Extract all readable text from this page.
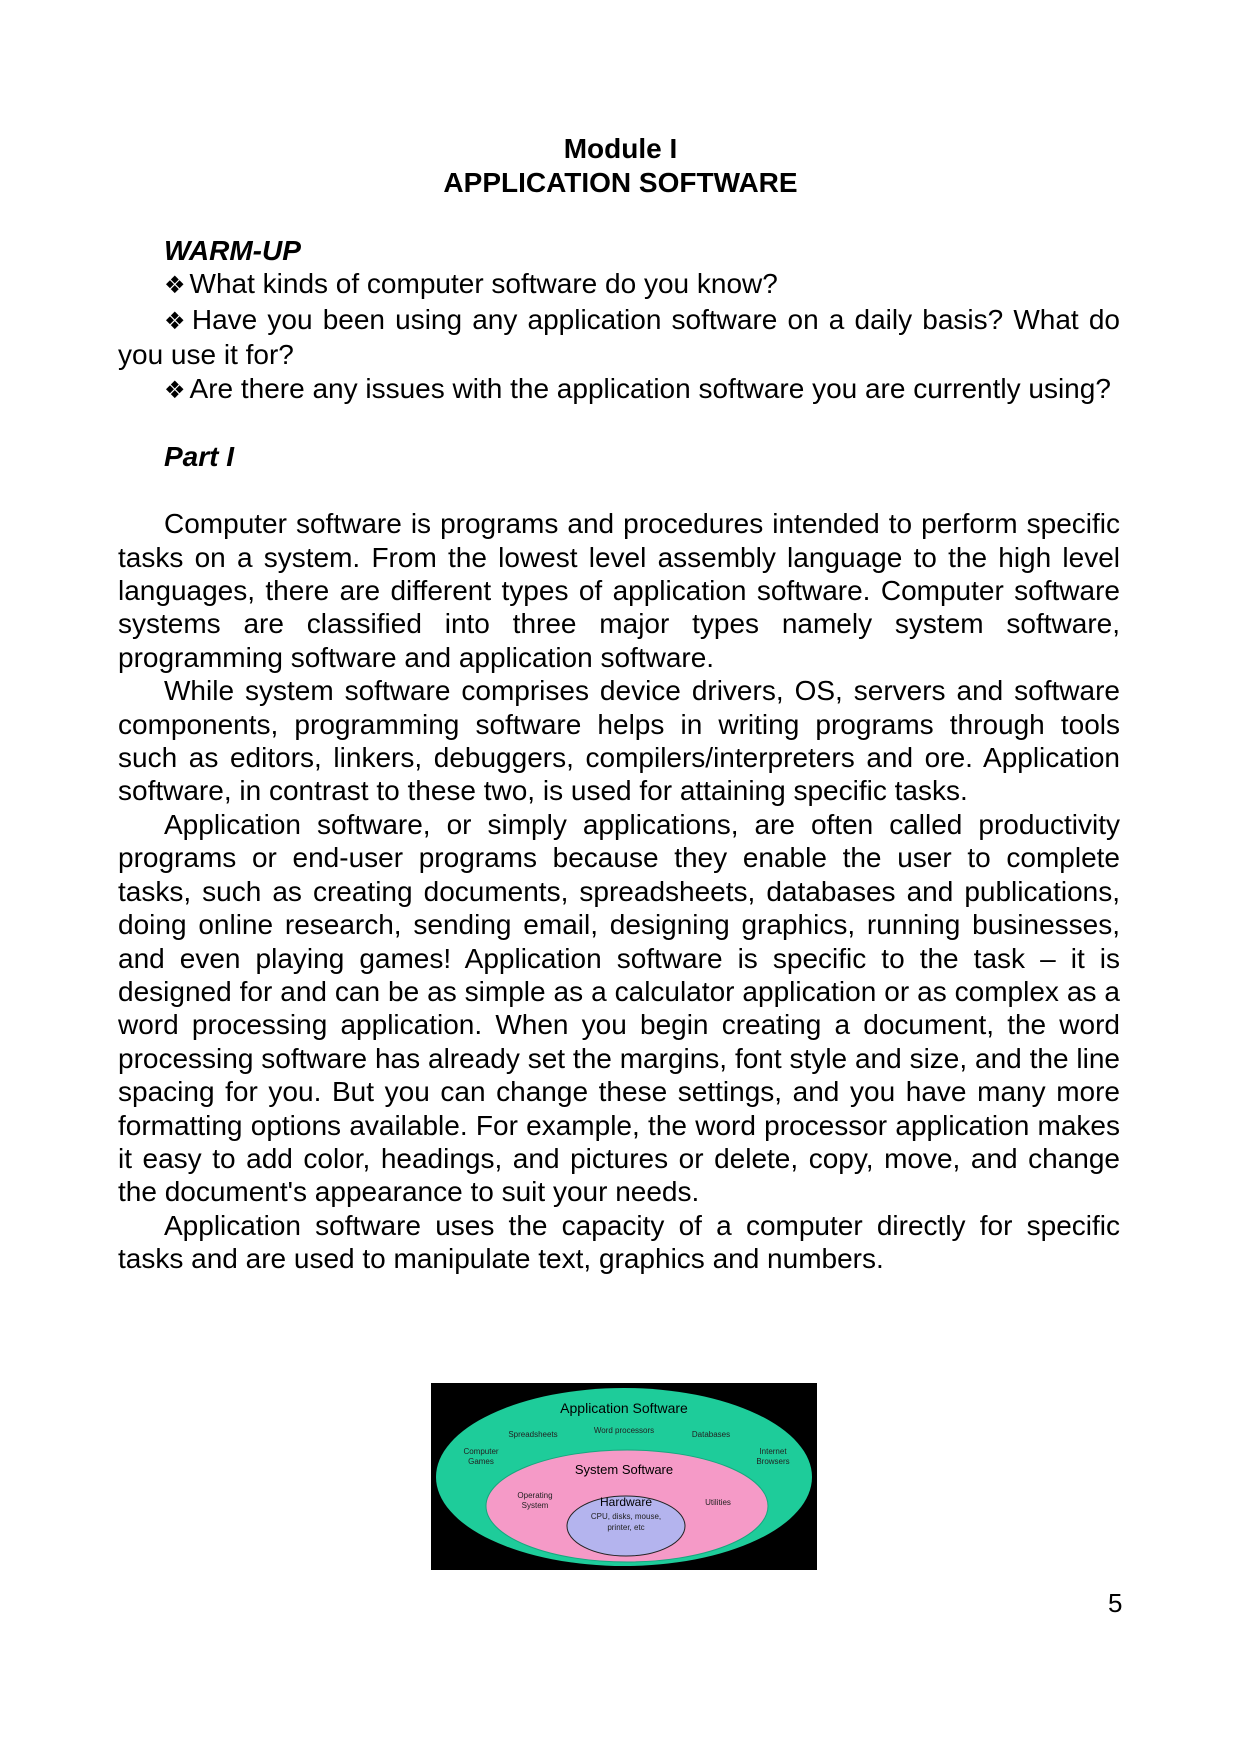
Module I
APPLICATION SOFTWARE

WARM-UP

❖ What kinds of computer software do you know?

❖ Have you been using any application software on a daily basis? What do you use it for?

❖ Are there any issues with the application software you are currently using?

Part I

Computer software is programs and procedures intended to perform specific tasks on a system. From the lowest level assembly language to the high level languages, there are different types of application software. Computer software systems are classified into three major types namely system software, programming software and application software.

While system software comprises device drivers, OS, servers and software components, programming software helps in writing programs through tools such as editors, linkers, debuggers, compilers/interpreters and ore. Application software, in contrast to these two, is used for attaining specific tasks.

Application software, or simply applications, are often called productivity programs or end-user programs because they enable the user to complete tasks, such as creating documents, spreadsheets, databases and publications, doing online research, sending email, designing graphics, running businesses, and even playing games! Application software is specific to the task – it is designed for and can be as simple as a calculator application or as complex as a word processing application. When you begin creating a document, the word processing software has already set the margins, font style and size, and the line spacing for you. But you can change these settings, and you have many more formatting options available. For example, the word processor application makes it easy to add color, headings, and pictures or delete, copy, move, and change the document's appearance to suit your needs.

Application software uses the capacity of a computer directly for specific tasks and are used to manipulate text, graphics and numbers.

Application Software
Spreadsheets	Word processors	Databases
Computer
Games
Internet
Browsers
System Software
Operating
System	Utilities
Hardware
CPU, disks, mouse,
printer, etc
5
